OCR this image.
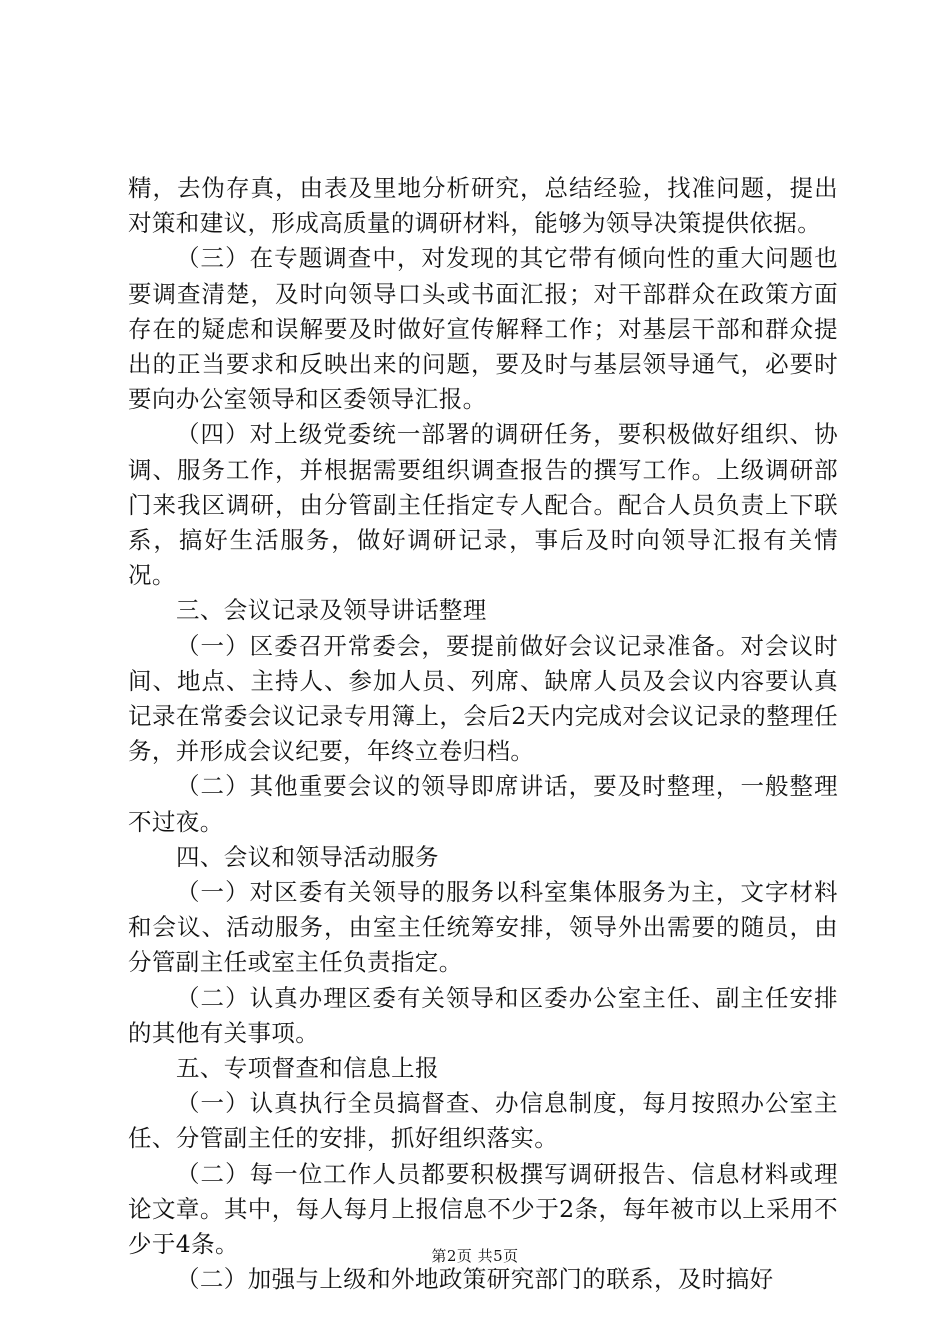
精，去伪存真，由表及里地分析研究，总结经验，找准问题，提出对策和建议，形成高质量的调研材料，能够为领导决策提供依据。

（三）在专题调查中，对发现的其它带有倾向性的重大问题也要调查清楚，及时向领导口头或书面汇报；对干部群众在政策方面存在的疑虑和误解要及时做好宣传解释工作；对基层干部和群众提出的正当要求和反映出来的问题，要及时与基层领导通气，必要时要向办公室领导和区委领导汇报。

（四）对上级党委统一部署的调研任务，要积极做好组织、协调、服务工作，并根据需要组织调查报告的撰写工作。上级调研部门来我区调研，由分管副主任指定专人配合。配合人员负责上下联系，搞好生活服务，做好调研记录，事后及时向领导汇报有关情况。

三、会议记录及领导讲话整理

（一）区委召开常委会，要提前做好会议记录准备。对会议时间、地点、主持人、参加人员、列席、缺席人员及会议内容要认真记录在常委会议记录专用簿上，会后2天内完成对会议记录的整理任务，并形成会议纪要，年终立卷归档。

（二）其他重要会议的领导即席讲话，要及时整理，一般整理不过夜。

四、会议和领导活动服务

（一）对区委有关领导的服务以科室集体服务为主，文字材料和会议、活动服务，由室主任统筹安排，领导外出需要的随员，由分管副主任或室主任负责指定。

（二）认真办理区委有关领导和区委办公室主任、副主任安排的其他有关事项。

五、专项督查和信息上报

（一）认真执行全员搞督查、办信息制度，每月按照办公室主任、分管副主任的安排，抓好组织落实。

（二）每一位工作人员都要积极撰写调研报告、信息材料或理论文章。其中，每人每月上报信息不少于2条，每年被市以上采用不少于4条。

（二）加强与上级和外地政策研究部门的联系，及时搞好

第2页 共5页
